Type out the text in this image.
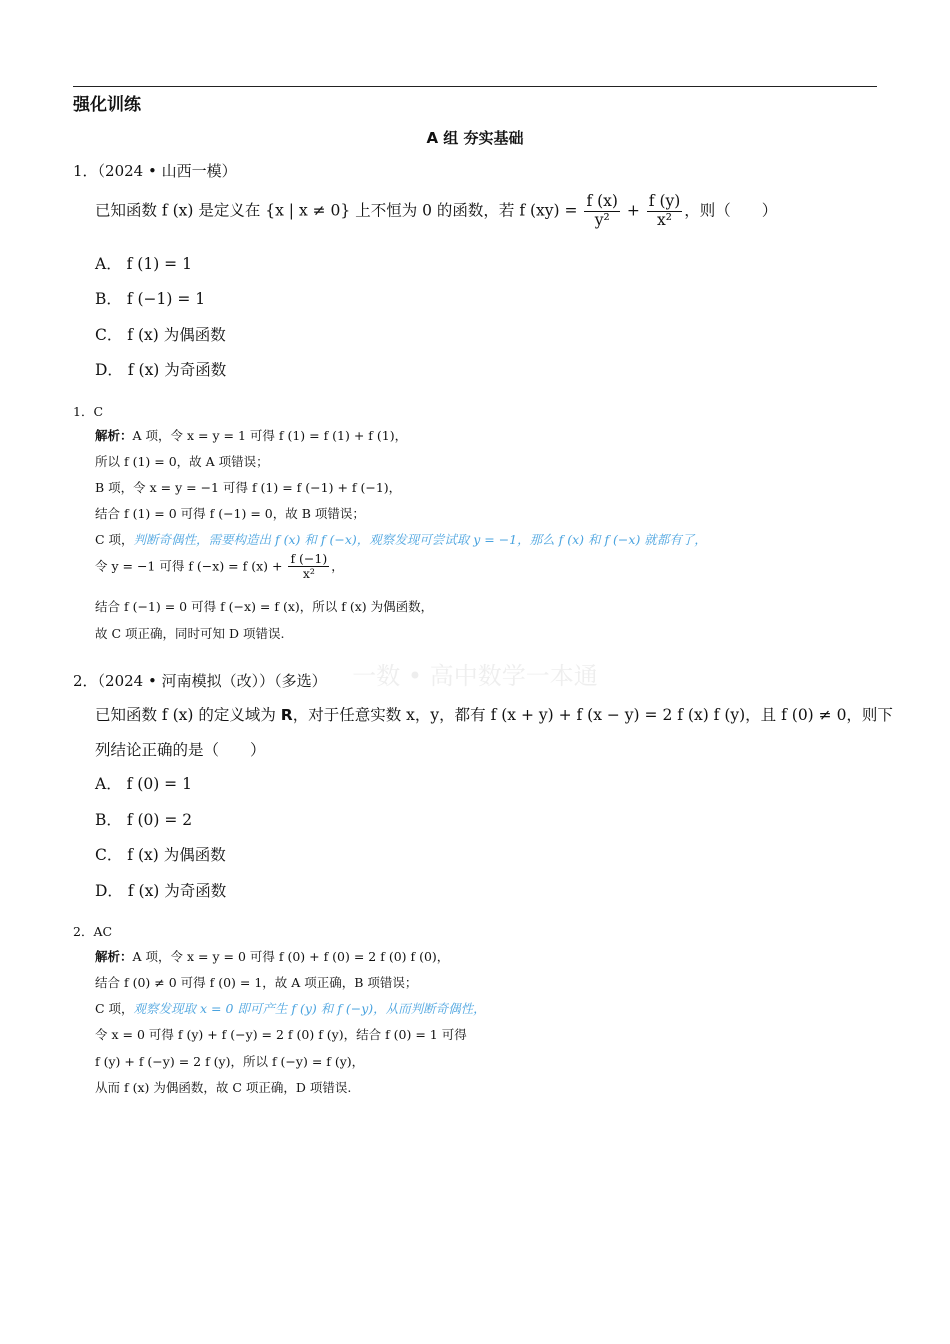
强化训练
A 组 夯实基础
1．（2024 • 山西一模）
已知函数 f (x) 是定义在 {x | x ≠ 0} 上不恒为 0 的函数，若 f $(xy) = \frac{f (x)}{\text{y²}} + \frac{f (y)}{\text{x²}}$ ，则（　　）
A． f (1) = 1
B． f (−1) = 1
C． f (x) 为偶函数
D． f (x) 为奇函数
1．C
解析：A 项，令 x = y = 1 可得 f (1) = f (1) + f (1)，
所以 f (1) = 0，故 A 项错误；
B 项，令 x = y = −1 可得 f (1) = f (−1) + f (−1)，
结合 f (1) = 0 可得 f (−1) = 0，故 B 项错误；
C 项，判断奇偶性，需要构造出 f (x) 和 f (−x)，观察发现可尝试取 y = −1，那么 f (x) 和 f (−x) 就都有了，
令 y = −1 可得 f (−x) = f $(x) + \frac{f (-1)}{\text{x²}}$ ，
结合 f (−1) = 0 可得 f (−x) = f (x)，所以 f (x) 为偶函数，
故 C 项正确，同时可知 D 项错误.
一数 • 高中数学一本通
2．（2024 • 河南模拟（改））（多选）
已知函数 f (x) 的定义域为 R，对于任意实数 x，y，都有 f (x + y) + f (x − y) = 2 f (x) f (y)，且 f (0) ≠ 0，则下
列结论正确的是（　　）
A． f (0) = 1
B． f (0) = 2
C． f (x) 为偶函数
D． f (x) 为奇函数
2．AC
解析：A 项，令 x = y = 0 可得 f (0) + f (0) = 2 f (0) f (0)，
结合 f (0) ≠ 0 可得 f (0) = 1，故 A 项正确，B 项错误；
C 项，观察发现取 x = 0 即可产生 f (y) 和 f (−y)，从而判断奇偶性，
令 x = 0 可得 f (y) + f (−y) = 2 f (0) f (y)，结合 f (0) = 1 可得
f (y) + f (−y) = 2 f (y)，所以 f (−y) = f (y)，
从而 f (x) 为偶函数，故 C 项正确，D 项错误.
